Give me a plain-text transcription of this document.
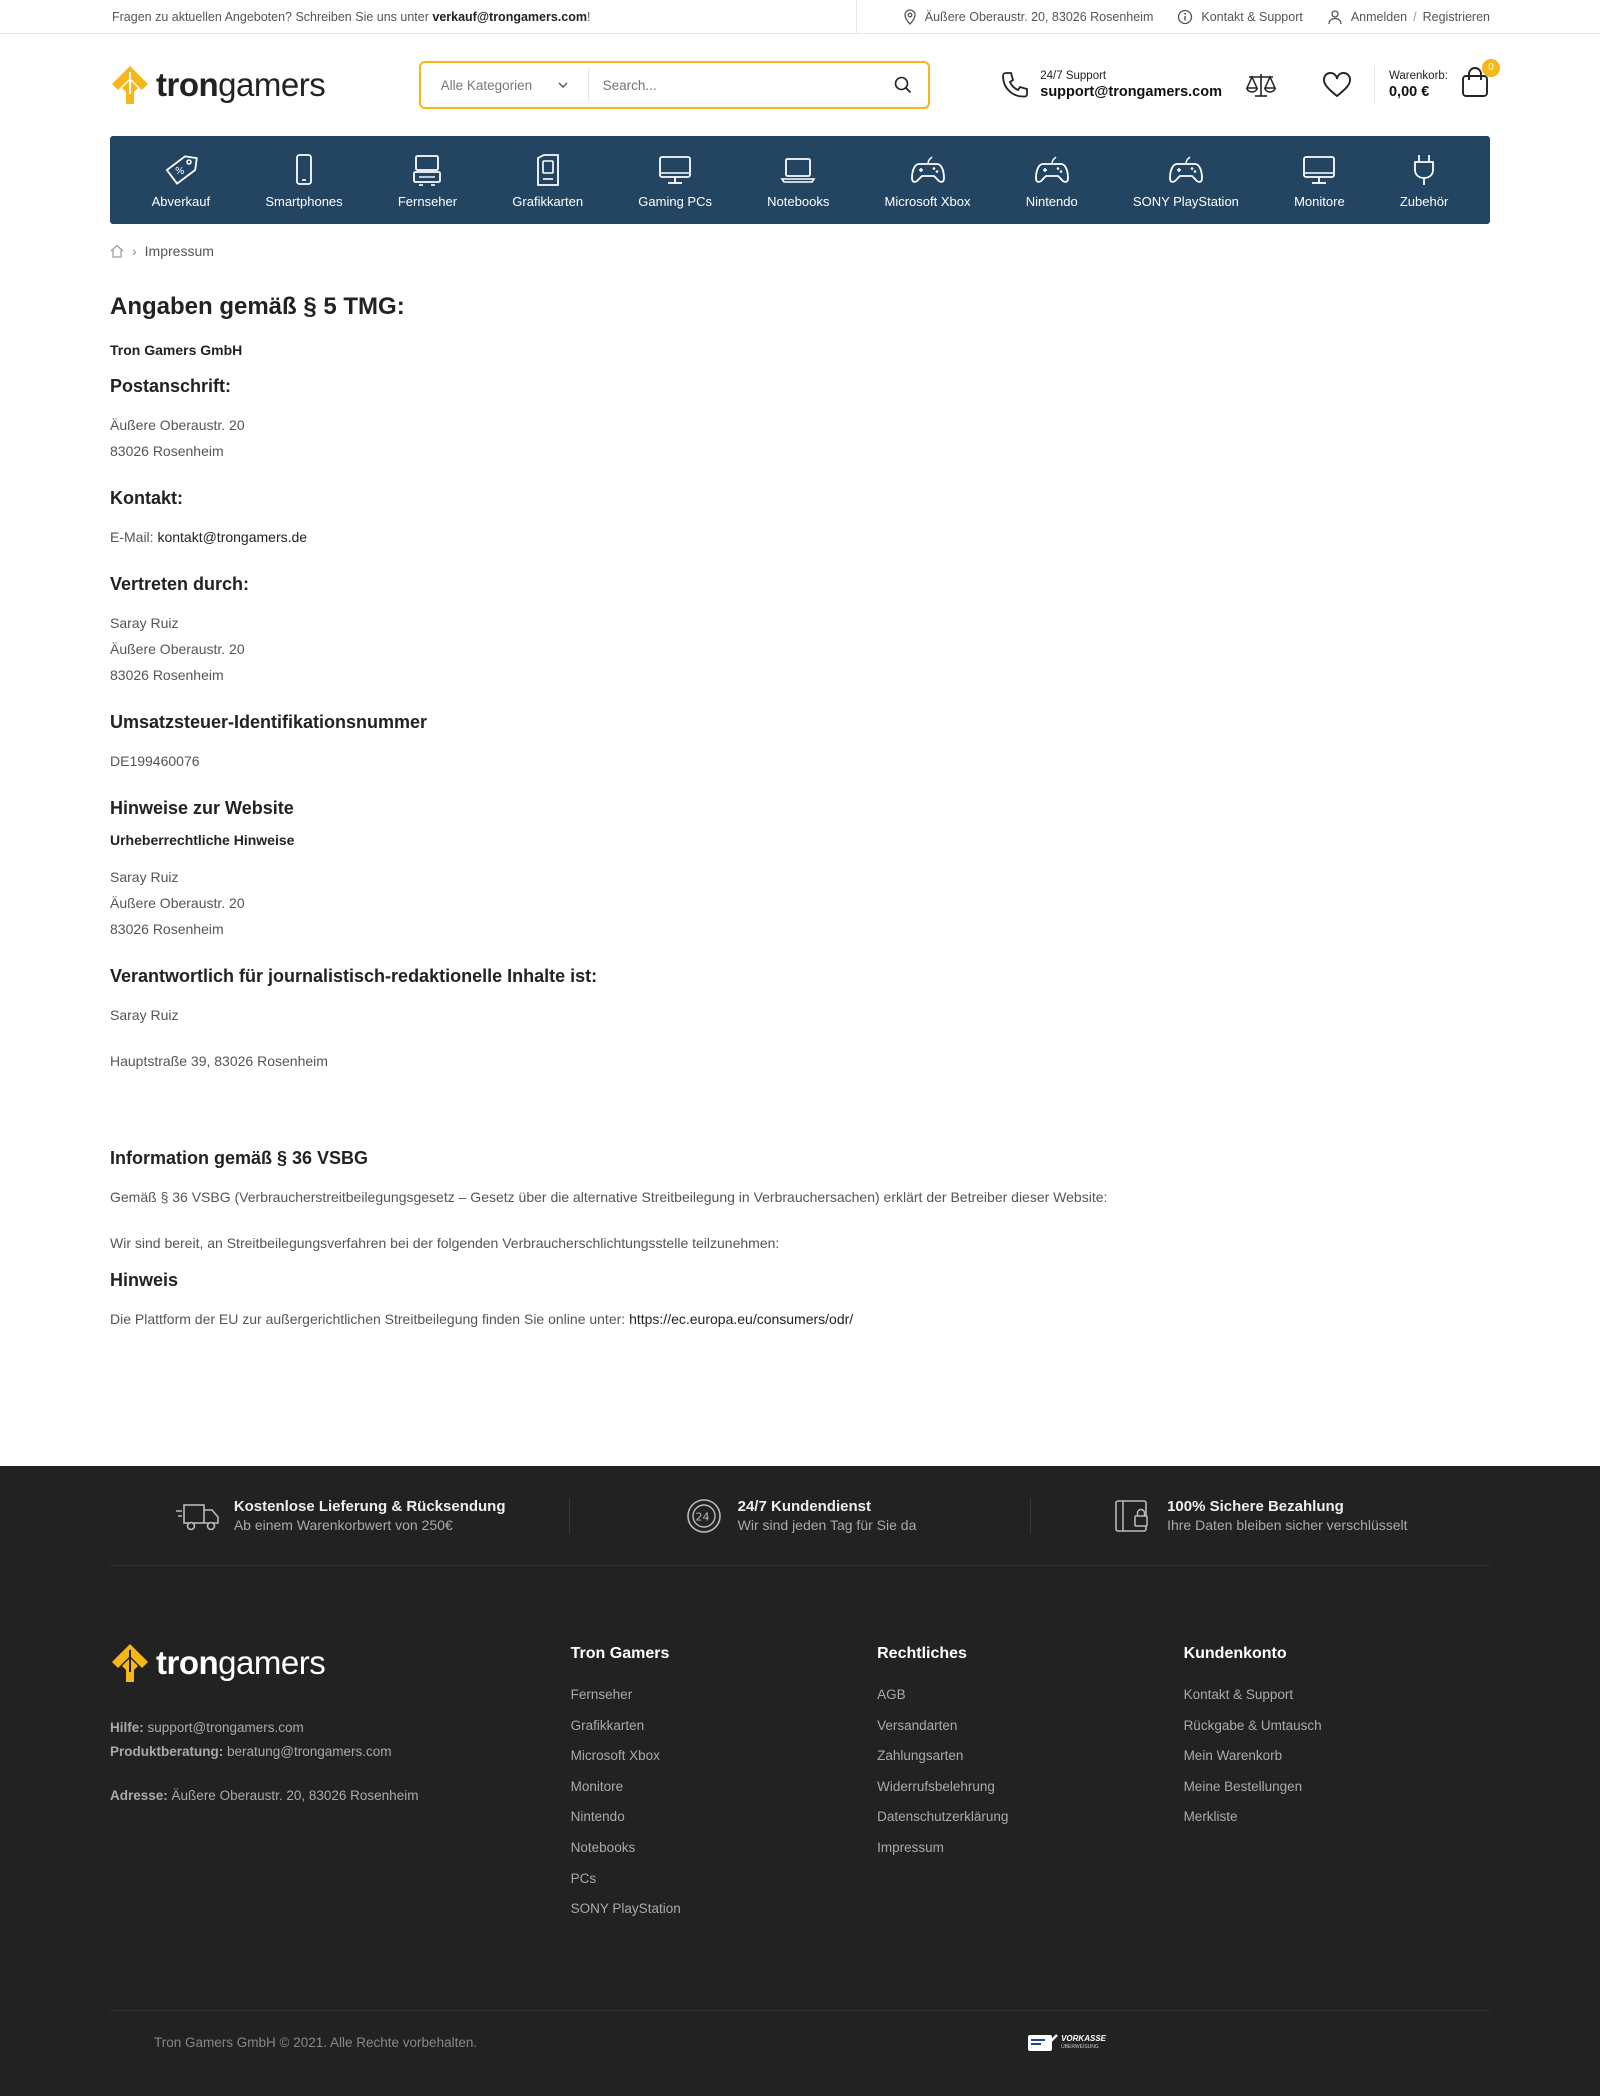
Fragen zu aktuellen Angeboten? Schreiben Sie uns unter verkauf@trongamers.com!	Äußere Oberaustr. 20, 83026 Rosenheim	Kontakt & Support	Anmelden / Registrieren
trongamers	Alle Kategorien
Search...
24/7 Support
support@trongamers.com
Warenkorb:
0,00 €
0
%
Abverkauf	Smartphones	Fernseher	Grafikkarten	Gaming PCs	Notebooks	Microsoft Xbox	Nintendo	SONY PlayStation	Monitore	Zubehör
› Impressum
Angaben gemäß § 5 TMG:
Tron Gamers GmbH
Postanschrift:

Äußere Oberaustr. 20
83026 Rosenheim

Kontakt:

E-Mail: kontakt@trongamers.de

Vertreten durch:

Saray Ruiz
Äußere Oberaustr. 20
83026 Rosenheim

Umsatzsteuer-Identifikationsnummer

DE199460076

Hinweise zur Website
Urheberrechtliche Hinweise

Saray Ruiz
Äußere Oberaustr. 20
83026 Rosenheim

Verantwortlich für journalistisch-redaktionelle Inhalte ist:

Saray Ruiz

Hauptstraße 39, 83026 Rosenheim

Information gemäß § 36 VSBG

Gemäß § 36 VSBG (Verbraucherstreitbeilegungsgesetz – Gesetz über die alternative Streitbeilegung in Verbrauchersachen) erklärt der Betreiber dieser Website:

Wir sind bereit, an Streitbeilegungsverfahren bei der folgenden Verbraucherschlichtungsstelle teilzunehmen:

Hinweis

Die Plattform der EU zur außergerichtlichen Streitbeilegung finden Sie online unter: https://ec.europa.eu/consumers/odr/

Kostenlose Lieferung & Rücksendung
Ab einem Warenkorbwert von 250€	24
24/7 Kundendienst
Wir sind jeden Tag für Sie da
100% Sichere Bezahlung
Ihre Daten bleiben sicher verschlüsselt
trongamers
Hilfe: support@trongamers.com
Produktberatung: beratung@trongamers.com
Adresse: Äußere Oberaustr. 20, 83026 Rosenheim
Tron Gamers
Fernseher
Grafikkarten
Microsoft Xbox
Monitore
Nintendo
Notebooks
PCs
SONY PlayStation
Rechtliches
AGB
Versandarten
Zahlungsarten
Widerrufsbelehrung
Datenschutzerklärung
Impressum
Kundenkonto
Kontakt & Support
Rückgabe & Umtausch
Mein Warenkorb
Meine Bestellungen
Merkliste
Tron Gamers GmbH © 2021. Alle Rechte vorbehalten.	VORKASSE
ÜBERWEISUNG
